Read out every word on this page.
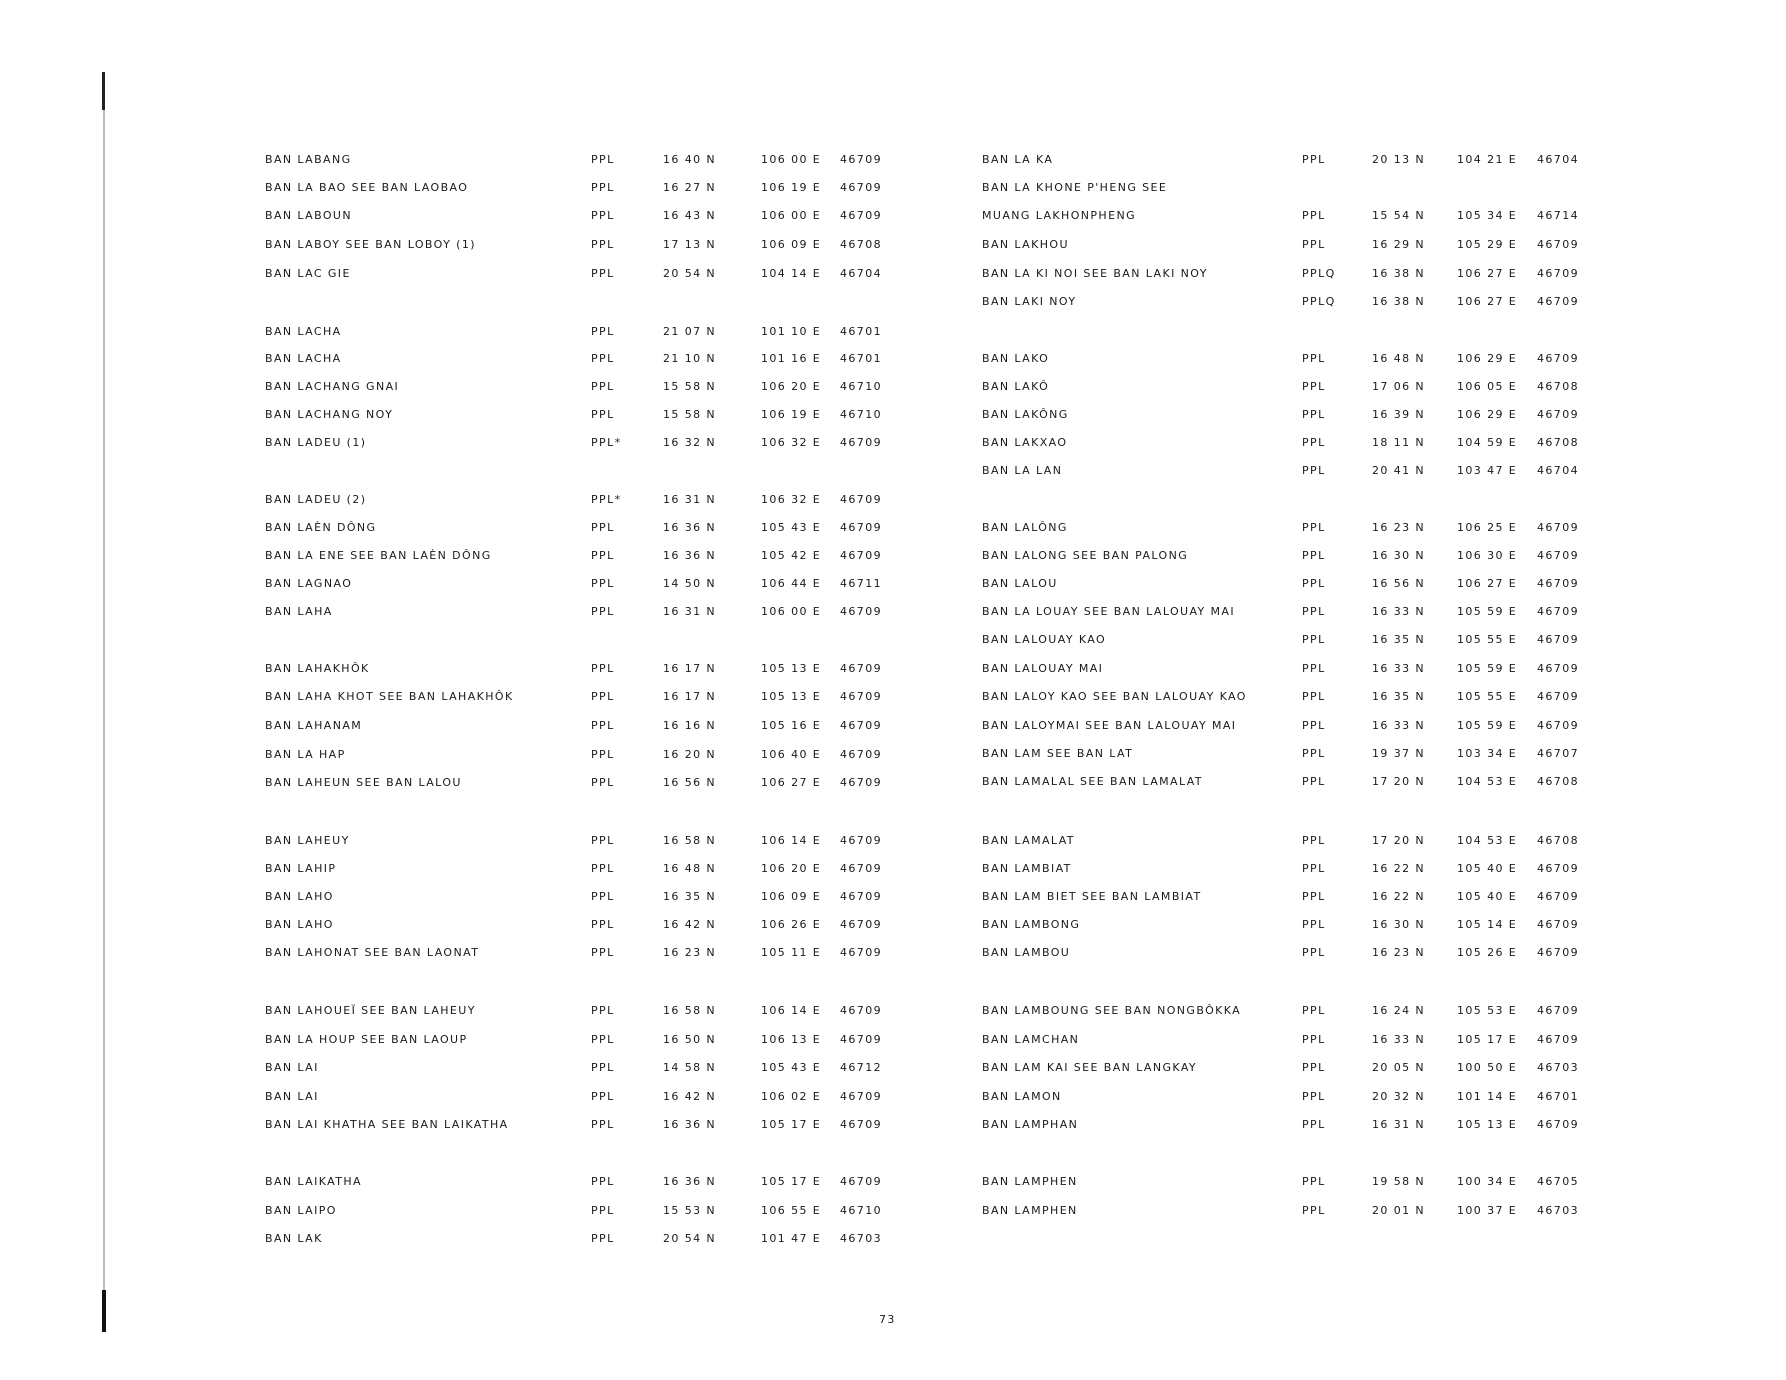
BAN LABANG	PPL	16 40 N	106 00 E 46709
BAN LA BAO SEE BAN LAOBAO	PPL	16 27 N	106 19 E 46709
BAN LABOUN	PPL	16 43 N	106 00 E 46709
BAN LABOY SEE BAN LOBOY (1)	PPL	17 13 N	106 09 E 46708
BAN LAC GIE	PPL	20 54 N	104 14 E 46704
BAN LACHA	PPL	21 07 N	101 10 E 46701
BAN LACHA	PPL	21 10 N	101 16 E 46701
BAN LACHANG GNAI	PPL	15 58 N	106 20 E 46710
BAN LACHANG NOY	PPL	15 58 N	106 19 E 46710
BAN LADEU (1)	PPL*	16 32 N	106 32 E 46709
BAN LADEU (2)	PPL*	16 31 N	106 32 E 46709
BAN LAÈN DÔNG	PPL	16 36 N	105 43 E 46709
BAN LA ENE SEE BAN LAÈN DÔNG	PPL	16 36 N	105 42 E 46709
BAN LAGNAO	PPL	14 50 N	106 44 E 46711
BAN LAHA	PPL	16 31 N	106 00 E 46709
BAN LAHAKHÔK	PPL	16 17 N	105 13 E 46709
BAN LAHA KHOT SEE BAN LAHAKHÔK	PPL	16 17 N	105 13 E 46709
BAN LAHANAM	PPL	16 16 N	105 16 E 46709
BAN LA HAP	PPL	16 20 N	106 40 E 46709
BAN LAHEUN SEE BAN LALOU	PPL	16 56 N	106 27 E 46709
BAN LAHEUY	PPL	16 58 N	106 14 E 46709
BAN LAHIP	PPL	16 48 N	106 20 E 46709
BAN LAHO	PPL	16 35 N	106 09 E 46709
BAN LAHO	PPL	16 42 N	106 26 E 46709
BAN LAHONAT SEE BAN LAONAT	PPL	16 23 N	105 11 E 46709
BAN LAHOUEÏ SEE BAN LAHEUY	PPL	16 58 N	106 14 E 46709
BAN LA HOUP SEE BAN LAOUP	PPL	16 50 N	106 13 E 46709
BAN LAI	PPL	14 58 N	105 43 E 46712
BAN LAI	PPL	16 42 N	106 02 E 46709
BAN LAI KHATHA SEE BAN LAIKATHA	PPL	16 36 N	105 17 E 46709
BAN LAIKATHA	PPL	16 36 N	105 17 E 46709
BAN LAIPO	PPL	15 53 N	106 55 E 46710
BAN LAK	PPL	20 54 N	101 47 E 46703
BAN LA KA	PPL	20 13 N	104 21 E 46704
BAN LA KHONE P'HENG SEE
MUANG LAKHONPHENG	PPL	15 54 N	105 34 E 46714
BAN LAKHOU	PPL	16 29 N	105 29 E 46709
BAN LA KI NOI SEE BAN LAKI NOY	PPLQ	16 38 N	106 27 E 46709
BAN LAKI NOY	PPLQ	16 38 N	106 27 E 46709
BAN LAKO	PPL	16 48 N	106 29 E 46709
BAN LAKÔ	PPL	17 06 N	106 05 E 46708
BAN LAKÔNG	PPL	16 39 N	106 29 E 46709
BAN LAKXAO	PPL	18 11 N	104 59 E 46708
BAN LA LAN	PPL	20 41 N	103 47 E 46704
BAN LALÔNG	PPL	16 23 N	106 25 E 46709
BAN LALONG SEE BAN PALONG	PPL	16 30 N	106 30 E 46709
BAN LALOU	PPL	16 56 N	106 27 E 46709
BAN LA LOUAY SEE BAN LALOUAY MAI	PPL	16 33 N	105 59 E 46709
BAN LALOUAY KAO	PPL	16 35 N	105 55 E 46709
BAN LALOUAY MAI	PPL	16 33 N	105 59 E 46709
BAN LALOY KAO SEE BAN LALOUAY KAO	PPL	16 35 N	105 55 E 46709
BAN LALOYMAI SEE BAN LALOUAY MAI	PPL	16 33 N	105 59 E 46709
BAN LAM SEE BAN LAT	PPL	19 37 N	103 34 E 46707
BAN LAMALAL SEE BAN LAMALAT	PPL	17 20 N	104 53 E 46708
BAN LAMALAT	PPL	17 20 N	104 53 E 46708
BAN LAMBIAT	PPL	16 22 N	105 40 E 46709
BAN LAM BIET SEE BAN LAMBIAT	PPL	16 22 N	105 40 E 46709
BAN LAMBONG	PPL	16 30 N	105 14 E 46709
BAN LAMBOU	PPL	16 23 N	105 26 E 46709
BAN LAMBOUNG SEE BAN NONGBÔKKA	PPL	16 24 N	105 53 E 46709
BAN LAMCHAN	PPL	16 33 N	105 17 E 46709
BAN LAM KAI SEE BAN LANGKAY	PPL	20 05 N	100 50 E 46703
BAN LAMON	PPL	20 32 N	101 14 E 46701
BAN LAMPHAN	PPL	16 31 N	105 13 E 46709
BAN LAMPHEN	PPL	19 58 N	100 34 E 46705
BAN LAMPHEN	PPL	20 01 N	100 37 E 46703
73
